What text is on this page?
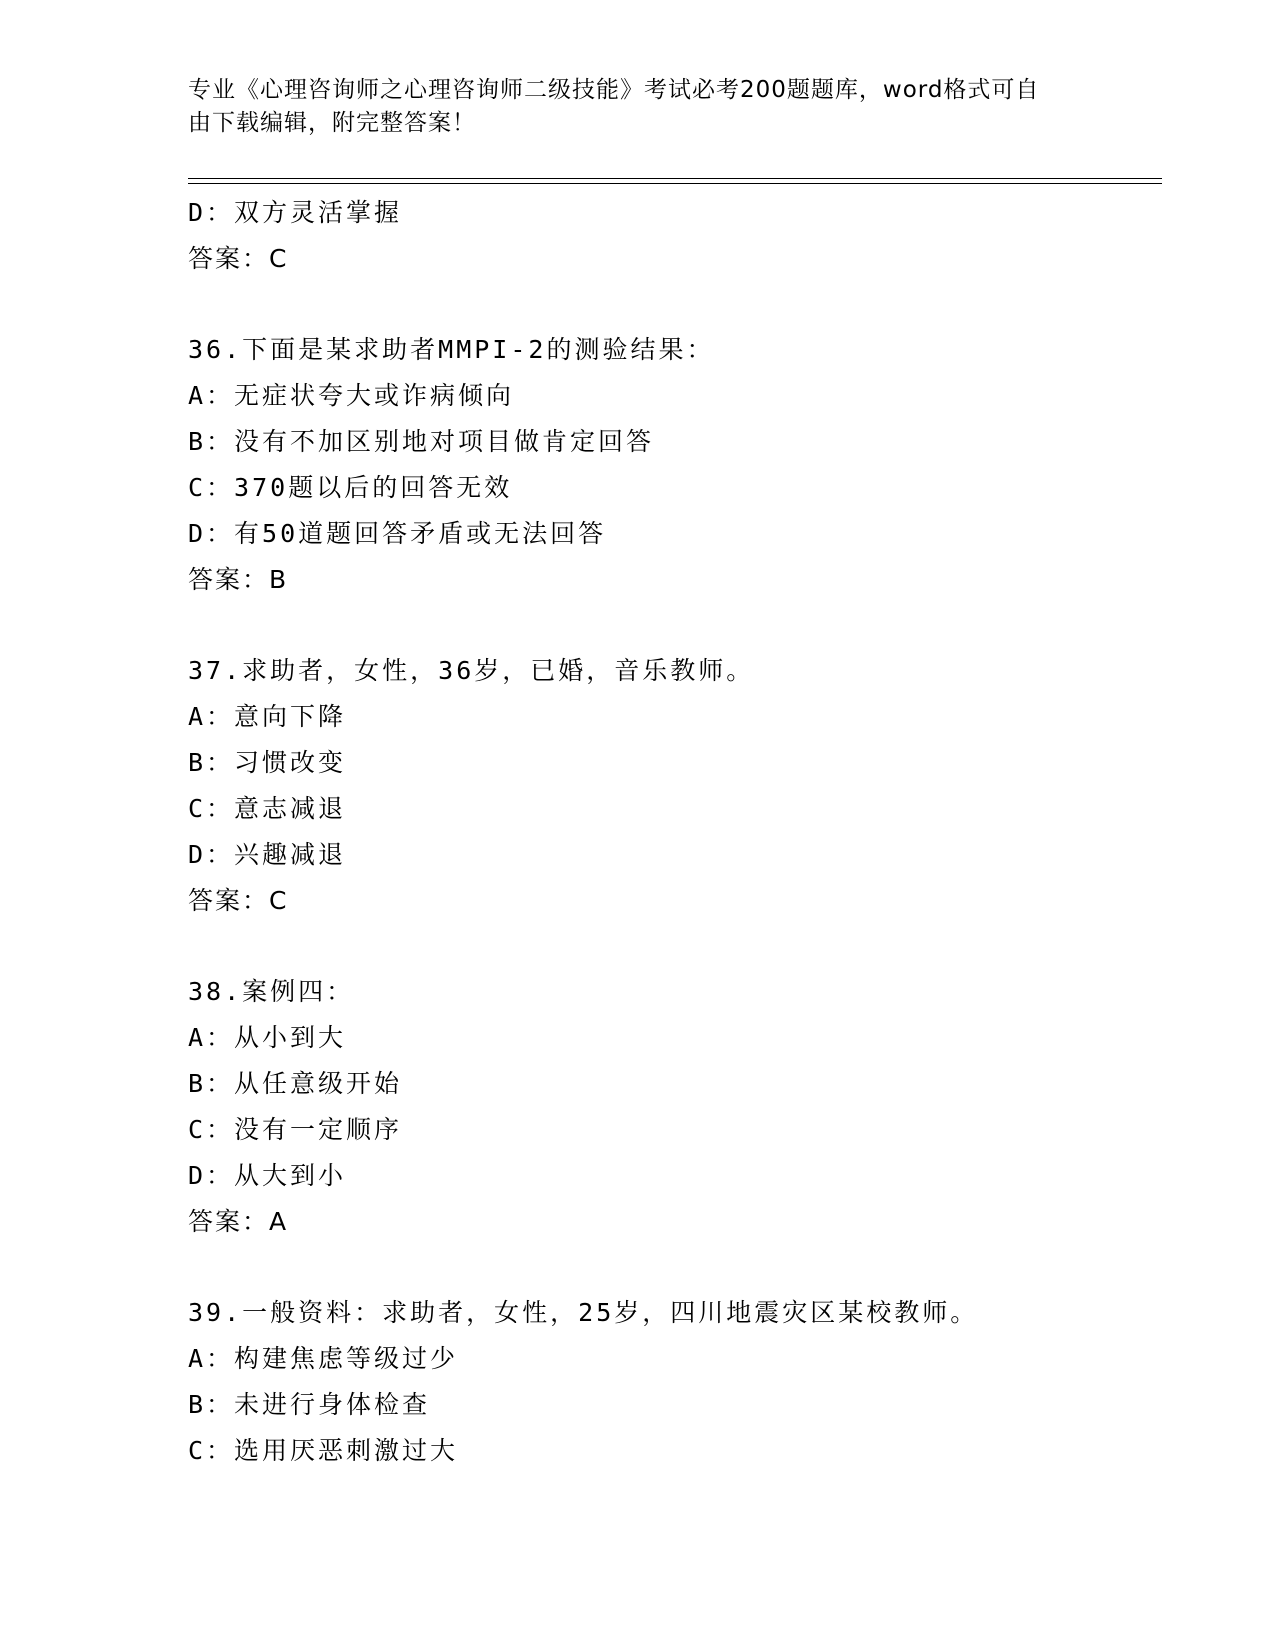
专业《心理咨询师之心理咨询师二级技能》考试必考200题题库，word格式可自
由下载编辑，附完整答案！
D：双方灵活掌握
答案：C
36.下面是某求助者MMPI-2的测验结果：
A：无症状夸大或诈病倾向
B：没有不加区别地对项目做肯定回答
C：370题以后的回答无效
D：有50道题回答矛盾或无法回答
答案：B
37.求助者，女性，36岁，已婚，音乐教师。
A：意向下降
B：习惯改变
C：意志减退
D：兴趣减退
答案：C
38.案例四：
A：从小到大
B：从任意级开始
C：没有一定顺序
D：从大到小
答案：A
39.一般资料：求助者，女性，25岁，四川地震灾区某校教师。
A：构建焦虑等级过少
B：未进行身体检查
C：选用厌恶刺激过大
